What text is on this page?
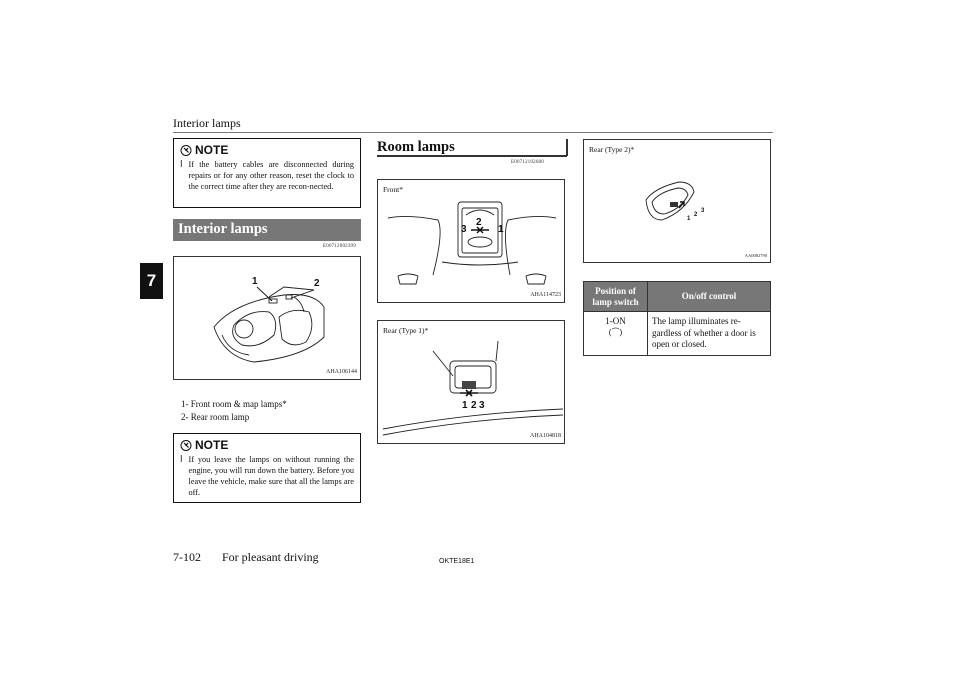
Interior lamps
7
NOTE
l If the battery cables are disconnected during repairs or for any other reason, reset the clock to the correct time after they are recon-nected.
Interior lamps
E00712002399
1	2
AHA106144
1- Front room & map lamps*
2- Rear room lamp
NOTE
l If you leave the lamps on without running the engine, you will run down the battery. Before you leave the vehicle, make sure that all the lamps are off.
Room lamps
E00712102680
Front*
3
2
1
AHA114723
Rear (Type 1)*
1 2 3
AHA104818
Rear (Type 2)*
1
2
3
AA0082790
Position of lamp switch	On/off control

1-ON
(⏜)	The lamp illuminates re-gardless of whether a door is open or closed.
7-102 For pleasant driving	OKTE18E1
